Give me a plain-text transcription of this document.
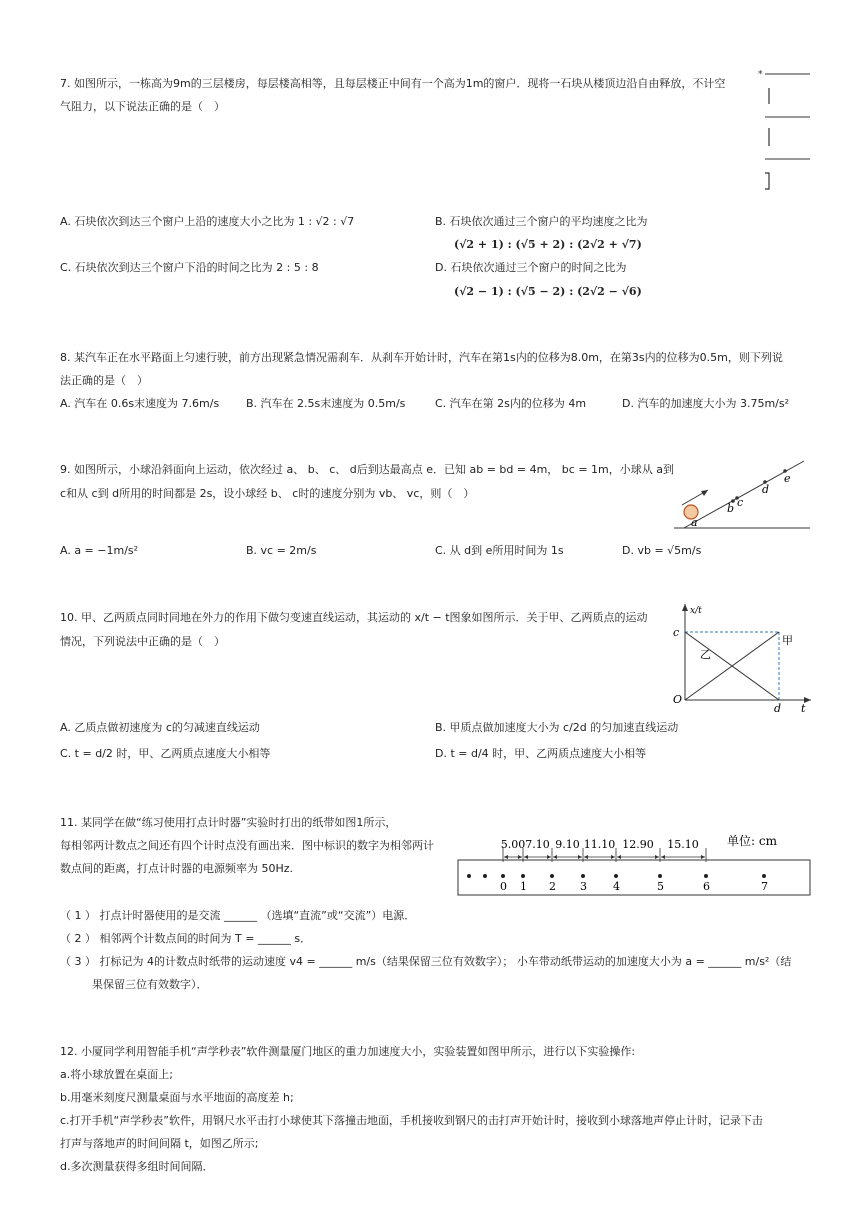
7. 如图所示，一栋高为9m的三层楼房，每层楼高相等，且每层楼正中间有一个高为1m的窗户．现将一石块从楼顶边沿自由释放，不计空
气阻力，以下说法正确的是（　）
*
A. 石块依次到达三个窗户上沿的速度大小之比为 1 : √2 : √7	B. 石块依次通过三个窗户的平均速度之比为
(√2 + 1) : (√5 + 2) : (2√2 + √7)
C. 石块依次到达三个窗户下沿的时间之比为 2 : 5 : 8	D. 石块依次通过三个窗户的时间之比为
(√2 − 1) : (√5 − 2) : (2√2 − √6)
8. 某汽车正在水平路面上匀速行驶，前方出现紧急情况需刹车．从刹车开始计时，汽车在第1s内的位移为8.0m，在第3s内的位移为0.5m，则下列说
法正确的是（　）
A. 汽车在 0.6s末速度为 7.6m/s B. 汽车在 2.5s末速度为 0.5m/s	C. 汽车在第 2s内的位移为 4m	D. 汽车的加速度大小为 3.75m/s²
9. 如图所示，小球沿斜面向上运动，依次经过 a、 b、 c、 d后到达最高点 e．已知 ab = bd = 4m， bc = 1m，小球从 a到
c和从 c到 d所用的时间都是 2s，设小球经 b、 c时的速度分别为 vb、 vc，则（　）
a
b c
d
e
A. a = −1m/s²	B. vc = 2m/s	C. 从 d到 e所用时间为 1s	D. vb = √5m/s
10. 甲、乙两质点同时同地在外力的作用下做匀变速直线运动，其运动的 x/t − t图象如图所示．关于甲、乙两质点的运动
情况，下列说法中正确的是（　）
x/t
c
O
d t
甲
乙
A. 乙质点做初速度为 c的匀减速直线运动	B. 甲质点做加速度大小为 c/2d 的匀加速直线运动
C. t = d/2 时，甲、乙两质点速度大小相等	D. t = d/4 时，甲、乙两质点速度大小相等
11. 某同学在做“练习使用打点计时器”实验时打出的纸带如图1所示，
每相邻两计数点之间还有四个计时点没有画出来．图中标识的数字为相邻两计
数点间的距离，打点计时器的电源频率为 50Hz.
0 1 2 3 4	5	6	7
5.00 7.10 9.10 11.10 12.90 15.10 单位: cm
（ 1 ） 打点计时器使用的是交流 ______ （选填“直流”或“交流”）电源．
（ 2 ） 相邻两个计数点间的时间为 T = ______ s．
（ 3 ） 打标记为 4的计数点时纸带的运动速度 v4 = ______ m/s（结果保留三位有效数字）； 小车带动纸带运动的加速度大小为 a = ______ m/s²（结
果保留三位有效数字）．
12. 小厦同学利用智能手机“声学秒表”软件测量厦门地区的重力加速度大小，实验装置如图甲所示，进行以下实验操作:
a.将小球放置在桌面上;
b.用毫米刻度尺测量桌面与水平地面的高度差 h;
c.打开手机“声学秒表”软件，用钢尺水平击打小球使其下落撞击地面，手机接收到钢尺的击打声开始计时，接收到小球落地声停止计时，记录下击
打声与落地声的时间间隔 t，如图乙所示;
d.多次测量获得多组时间间隔．
